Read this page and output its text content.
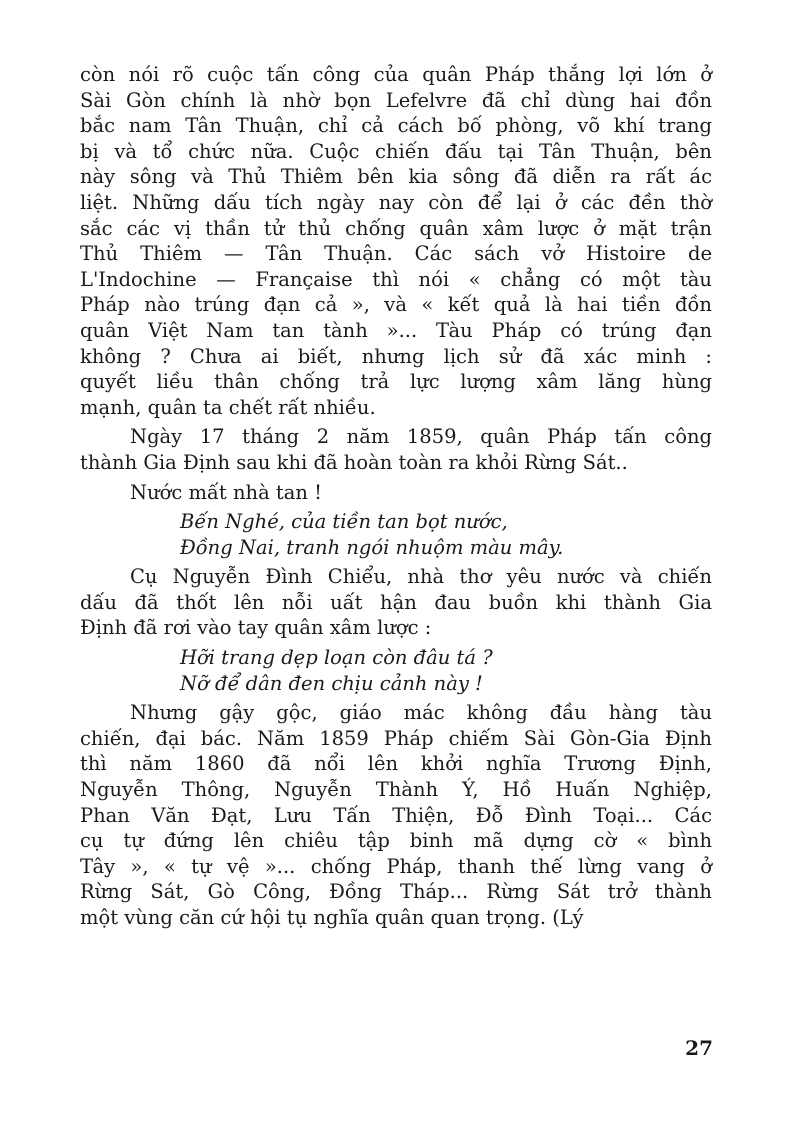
còn nói rõ cuộc tấn công của quân Pháp thắng lợi lớn ở
Sài Gòn chính là nhờ bọn Lefelvre đã chỉ dùng hai đồn
bắc nam Tân Thuận, chỉ cả cách bố phòng, võ khí trang
bị và tổ chức nữa. Cuộc chiến đấu tại Tân Thuận, bên
này sông và Thủ Thiêm bên kia sông đã diễn ra rất ác
liệt. Những dấu tích ngày nay còn để lại ở các đền thờ
sắc các vị thần tử thủ chống quân xâm lược ở mặt trận
Thủ Thiêm — Tân Thuận. Các sách vở Histoire de
L'Indochine — Française thì nói « chẳng có một tàu
Pháp nào trúng đạn cả », và « kết quả là hai tiền đồn
quân Việt Nam tan tành »... Tàu Pháp có trúng đạn
không ? Chưa ai biết, nhưng lịch sử đã xác minh :
quyết liều thân chống trả lực lượng xâm lăng hùng
mạnh, quân ta chết rất nhiều.
Ngày 17 tháng 2 năm 1859, quân Pháp tấn công
thành Gia Định sau khi đã hoàn toàn ra khỏi Rừng Sát..
Nước mất nhà tan !
Bến Nghé, của tiền tan bọt nước,
Đồng Nai, tranh ngói nhuộm màu mây.
Cụ Nguyễn Đình Chiểu, nhà thơ yêu nước và chiến
dấu đã thốt lên nỗi uất hận đau buồn khi thành Gia
Định đã rơi vào tay quân xâm lược :
Hỡi trang dẹp loạn còn đâu tá ?
Nỡ để dân đen chịu cảnh này !
Nhưng gậy gộc, giáo mác không đầu hàng tàu
chiến, đại bác. Năm 1859 Pháp chiếm Sài Gòn-Gia Định
thì năm 1860 đã nổi lên khởi nghĩa Trương Định,
Nguyễn Thông, Nguyễn Thành Ý, Hồ Huấn Nghiệp,
Phan Văn Đạt, Lưu Tấn Thiện, Đỗ Đình Toại... Các
cụ tự đứng lên chiêu tập binh mã dựng cờ « bình
Tây », « tự vệ »... chống Pháp, thanh thế lừng vang ở
Rừng Sát, Gò Công, Đồng Tháp... Rừng Sát trở thành
một vùng căn cứ hội tụ nghĩa quân quan trọng. (Lý
27
